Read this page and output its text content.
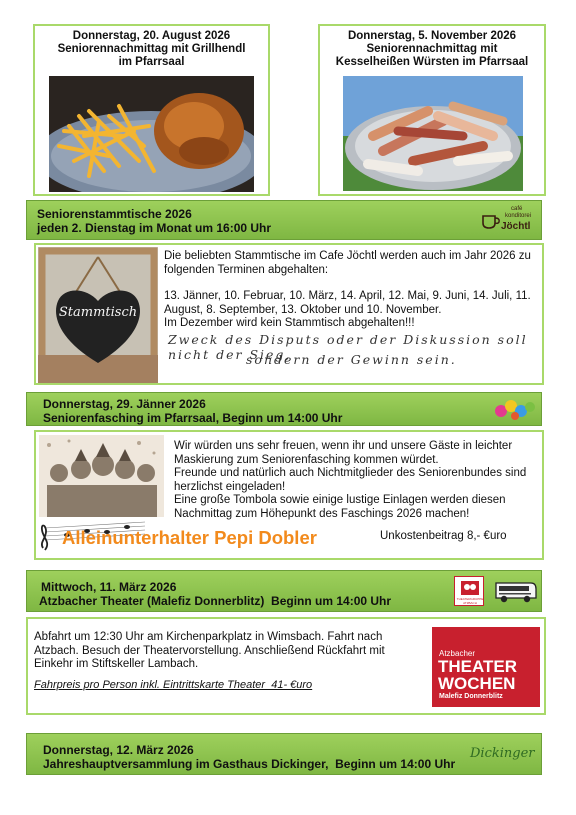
Donnerstag, 20. August 2026
Seniorennachmittag mit Grillhendl im Pfarrsaal
Donnerstag, 5. November 2026
Seniorennachmittag mit Kesselheißen Würsten im Pfarrsaal
Seniorenstammtische 2026
jeden 2. Dienstag im Monat um 16:00 Uhr
café
konditorei
Jöchtl
Stammtisch
Die beliebten Stammtische im Cafe Jöchtl werden auch im Jahr 2026 zu folgenden Terminen abgehalten:
13. Jänner, 10. Februar, 10. März, 14. April, 12. Mai, 9. Juni, 14. Juli, 11. August, 8. September, 13. Oktober und 10. November.
Im Dezember wird kein Stammtisch abgehalten!!!
Zweck des Disputs oder der Diskussion soll nicht der Sieg,
sondern der Gewinn sein.
Donnerstag, 29. Jänner 2026
Seniorenfasching im Pfarrsaal, Beginn um 14:00 Uhr
Wir würden uns sehr freuen, wenn ihr und unsere Gäste in leichter Maskierung zum Seniorenfasching kommen würdet.
Freunde und natürlich auch Nichtmitglieder des Seniorenbundes sind herzlichst eingeladen!
Eine große Tombola sowie einige lustige Einlagen werden diesen Nachmittag zum Höhepunkt des Faschings 2026 machen!
Alleinunterhalter Pepi Dobler	Unkostenbeitrag 8,- €uro
Mittwoch, 11. März 2026
Atzbacher Theater (Malefiz Donnerblitz)  Beginn um 14:00 Uhr	THEATERGRUPPE ATZBACH
Abfahrt um 12:30 Uhr am Kirchenparkplatz in Wimsbach. Fahrt nach Atzbach. Besuch der Theatervorstellung. Anschließend Rückfahrt mit Einkehr im Stiftskeller Lambach.
Fahrpreis pro Person inkl. Eintrittskarte Theater  41- €uro
Atzbacher
THEATER
WOCHEN
Malefiz Donnerblitz
Donnerstag, 12. März 2026
Jahreshauptversammlung im Gasthaus Dickinger,  Beginn um 14:00 Uhr
Dickinger
